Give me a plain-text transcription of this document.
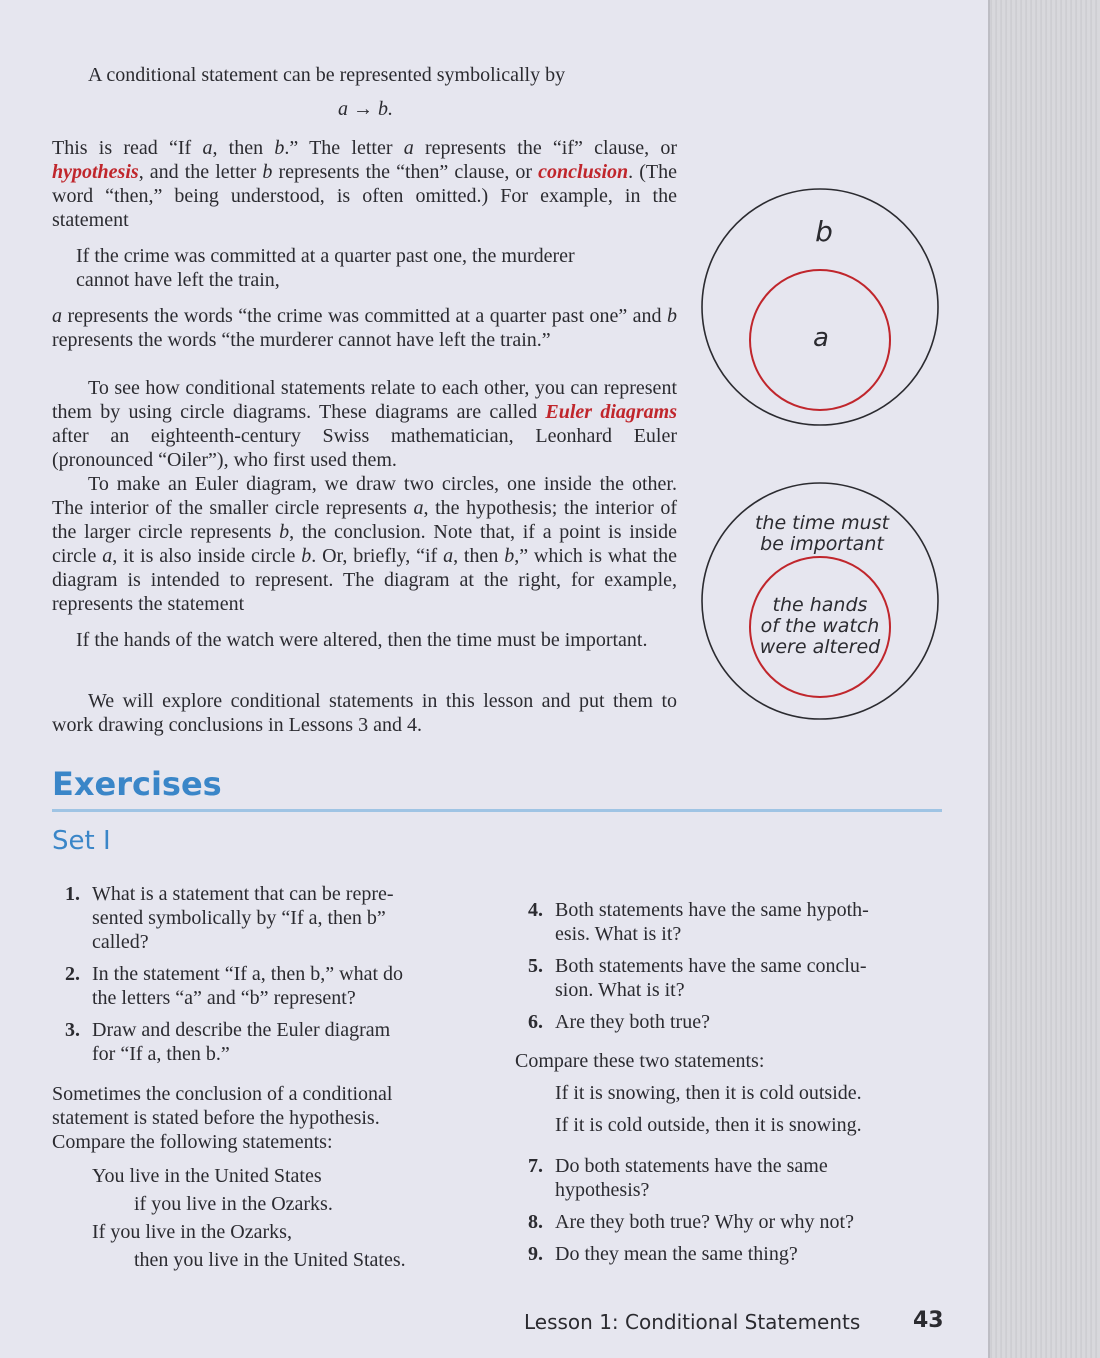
A conditional statement can be represented symbolically by

a → b.

This is read “If a, then b.” The letter a represents the “if” clause, or hypothesis, and the letter b represents the “then” clause, or conclusion. (The word “then,” being understood, is often omitted.) For example, in the statement

If the crime was committed at a quarter past one, the murderer cannot have left the train,

a represents the words “the crime was committed at a quarter past one” and b represents the words “the murderer cannot have left the train.”

To see how conditional statements relate to each other, you can represent them by using circle diagrams. These diagrams are called Euler diagrams after an eighteenth-century Swiss mathematician, Leonhard Euler (pronounced “Oiler”), who first used them.

To make an Euler diagram, we draw two circles, one inside the other. The interior of the smaller circle represents a, the hypothesis; the interior of the larger circle represents b, the conclusion. Note that, if a point is inside circle a, it is also inside circle b. Or, briefly, “if a, then b,” which is what the diagram is intended to represent. The diagram at the right, for example, represents the statement

If the hands of the watch were altered, then the time must be important.

We will explore conditional statements in this lesson and put them to work drawing conclusions in Lessons 3 and 4.

b
a
the time must
be important
the hands
of the watch
were altered
Exercises
Set I
1. What is a statement that can be repre-
sented symbolically by “If a, then b”
called?
2. In the statement “If a, then b,” what do
the letters “a” and “b” represent?
3. Draw and describe the Euler diagram
for “If a, then b.”
Sometimes the conclusion of a conditional
statement is stated before the hypothesis.
Compare the following statements:
You live in the United States
if you live in the Ozarks.
If you live in the Ozarks,
then you live in the United States.
4. Both statements have the same hypoth-
esis. What is it?
5. Both statements have the same conclu-
sion. What is it?
6. Are they both true?
Compare these two statements:
If it is snowing, then it is cold outside.
If it is cold outside, then it is snowing.
7. Do both statements have the same
hypothesis?
8. Are they both true? Why or why not?
9. Do they mean the same thing?
Lesson 1: Conditional Statements 43
